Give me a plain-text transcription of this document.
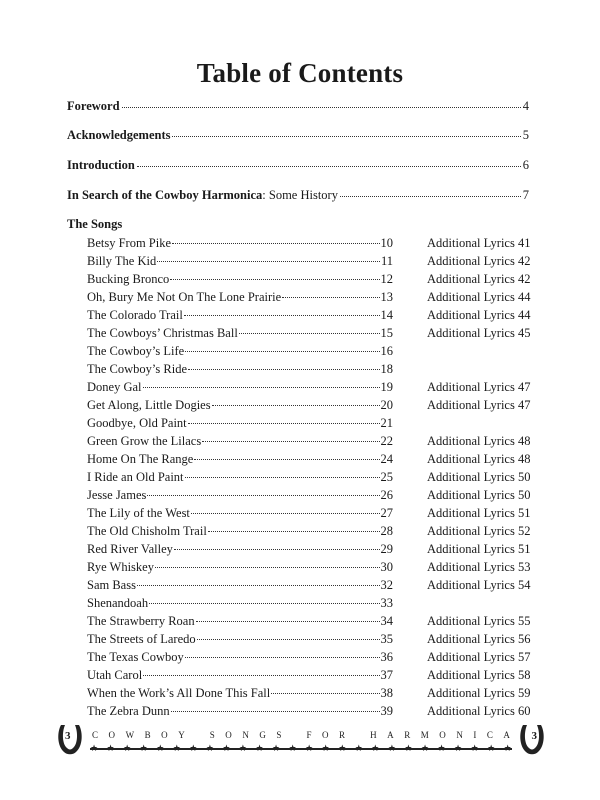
Table of Contents
Foreword	4
Acknowledgements	5
Introduction	6
In Search of the Cowboy Harmonica: Some History	7
The Songs
Betsy From Pike	10	Additional Lyrics 41
Billy The Kid	11	Additional Lyrics 42
Bucking Bronco	12	Additional Lyrics 42
Oh, Bury Me Not On The Lone Prairie	13	Additional Lyrics 44
The Colorado Trail	14	Additional Lyrics 44
The Cowboys’ Christmas Ball	15	Additional Lyrics 45
The Cowboy’s Life	16
The Cowboy’s Ride	18
Doney Gal	19	Additional Lyrics 47
Get Along, Little Dogies	20	Additional Lyrics 47
Goodbye, Old Paint	21
Green Grow the Lilacs	22	Additional Lyrics 48
Home On The Range	24	Additional Lyrics 48
I Ride an Old Paint	25	Additional Lyrics 50
Jesse James	26	Additional Lyrics 50
The Lily of the West	27	Additional Lyrics 51
The Old Chisholm Trail	28	Additional Lyrics 52
Red River Valley	29	Additional Lyrics 51
Rye Whiskey	30	Additional Lyrics 53
Sam Bass	32	Additional Lyrics 54
Shenandoah	33
The Strawberry Roan	34	Additional Lyrics 55
The Streets of Laredo	35	Additional Lyrics 56
The Texas Cowboy	36	Additional Lyrics 57
Utah Carol	37	Additional Lyrics 58
When the Work’s All Done This Fall	38	Additional Lyrics 59
The Zebra Dunn	39	Additional Lyrics 60
3 C O W B O Y	S O N G S	F O R	H A R M O N I C A 3
